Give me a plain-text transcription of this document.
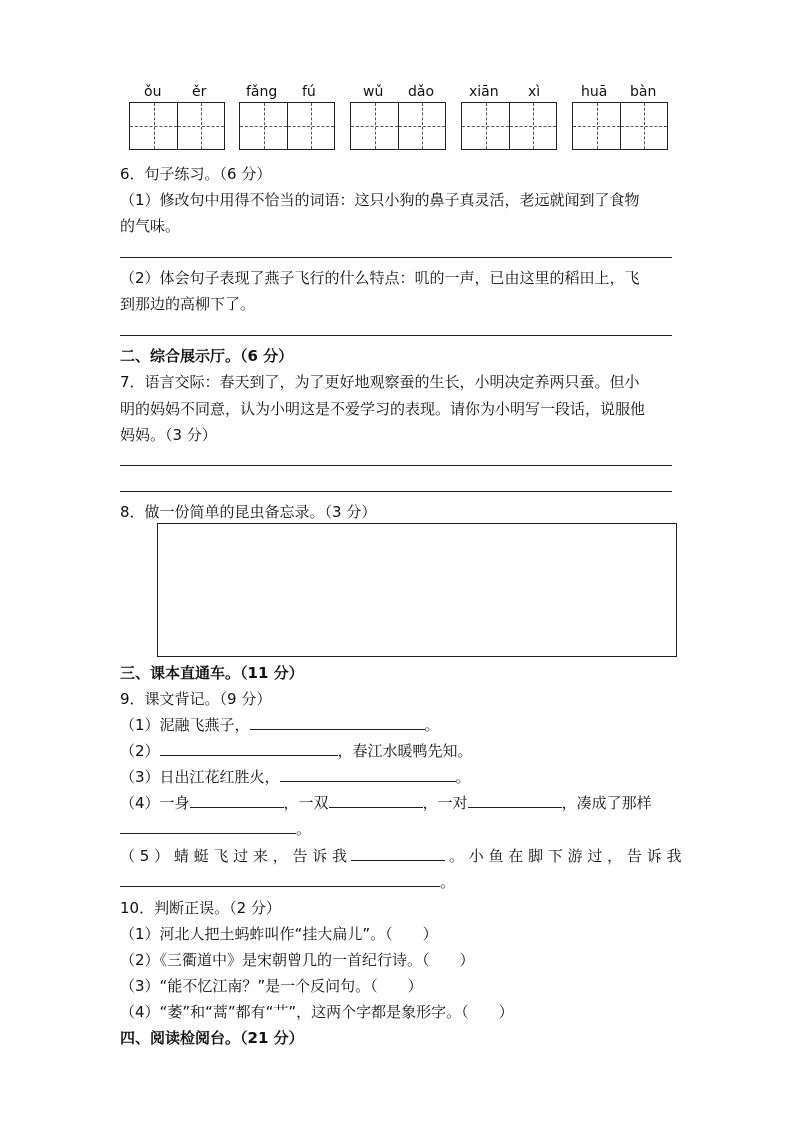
ǒu ěr	fǎng fú	wǔ dǎo xiān xì	huā bàn
6．句子练习。（6 分）
（1）修改句中用得不恰当的词语：这只小狗的鼻子真灵活，老远就闻到了食物
的气味。
（2）体会句子表现了燕子飞行的什么特点：叽的一声，已由这里的稻田上，飞
到那边的高柳下了。
二、综合展示厅。（6 分）
7．语言交际：春天到了，为了更好地观察蚕的生长，小明决定养两只蚕。但小
明的妈妈不同意，认为小明这是不爱学习的表现。请你为小明写一段话，说服他
妈妈。（3 分）
8．做一份简单的昆虫备忘录。（3 分）
三、课本直通车。（11 分）
9．课文背记。（9 分）
（1）泥融飞燕子，	。
（2）	，春江水暖鸭先知。
（3）日出江花红胜火，	。
（4）一身	，一双	，一对	，凑成了那样
。
（ 5 ） 蜻 蜓 飞 过 来 ， 告 诉 我	。 小 鱼 在 脚 下 游 过 ， 告 诉 我
。
10．判断正误。（2 分）
（1）河北人把土蚂蚱叫作“挂大扁儿”。（　　）
（2）《三衢道中》是宋朝曾几的一首纪行诗。（　　）
（3）“能不忆江南？”是一个反问句。（　　）
（4）“萎”和“蒿”都有“艹”，这两个字都是象形字。（　　）
四、阅读检阅台。（21 分）
